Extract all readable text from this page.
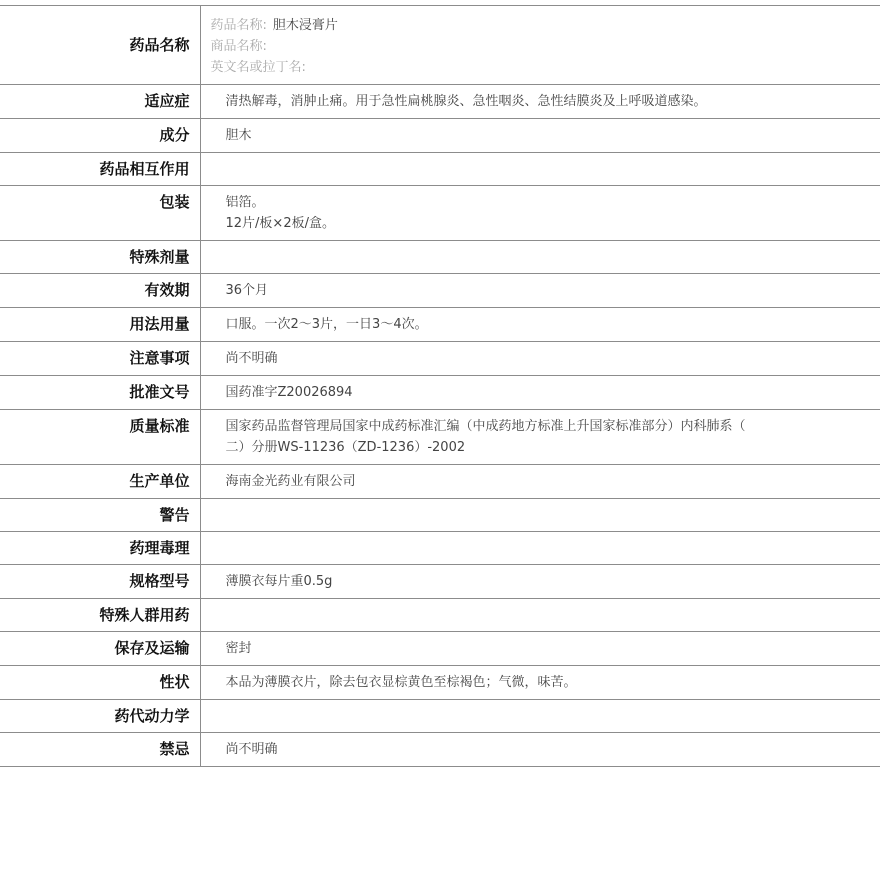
药品名称	药品名称: 胆木浸膏片
商品名称:
英文名或拉丁名:

适应症	清热解毒，消肿止痛。用于急性扁桃腺炎、急性咽炎、急性结膜炎及上呼吸道感染。

成分	胆木

药品相互作用	
包装	铝箔。
12片/板×2板/盒。

特殊剂量	
有效期	36个月

用法用量	口服。一次2～3片，一日3～4次。

注意事项	尚不明确

批准文号	国药准字Z20026894

质量标准	国家药品监督管理局国家中成药标准汇编（中成药地方标准上升国家标准部分）内科肺系（
二）分册WS-11236（ZD-1236）-2002

生产单位	海南金光药业有限公司

警告	
药理毒理	
规格型号	薄膜衣每片重0.5g

特殊人群用药	
保存及运输	密封

性状	本品为薄膜衣片，除去包衣显棕黄色至棕褐色；气微，味苦。

药代动力学	
禁忌	尚不明确
